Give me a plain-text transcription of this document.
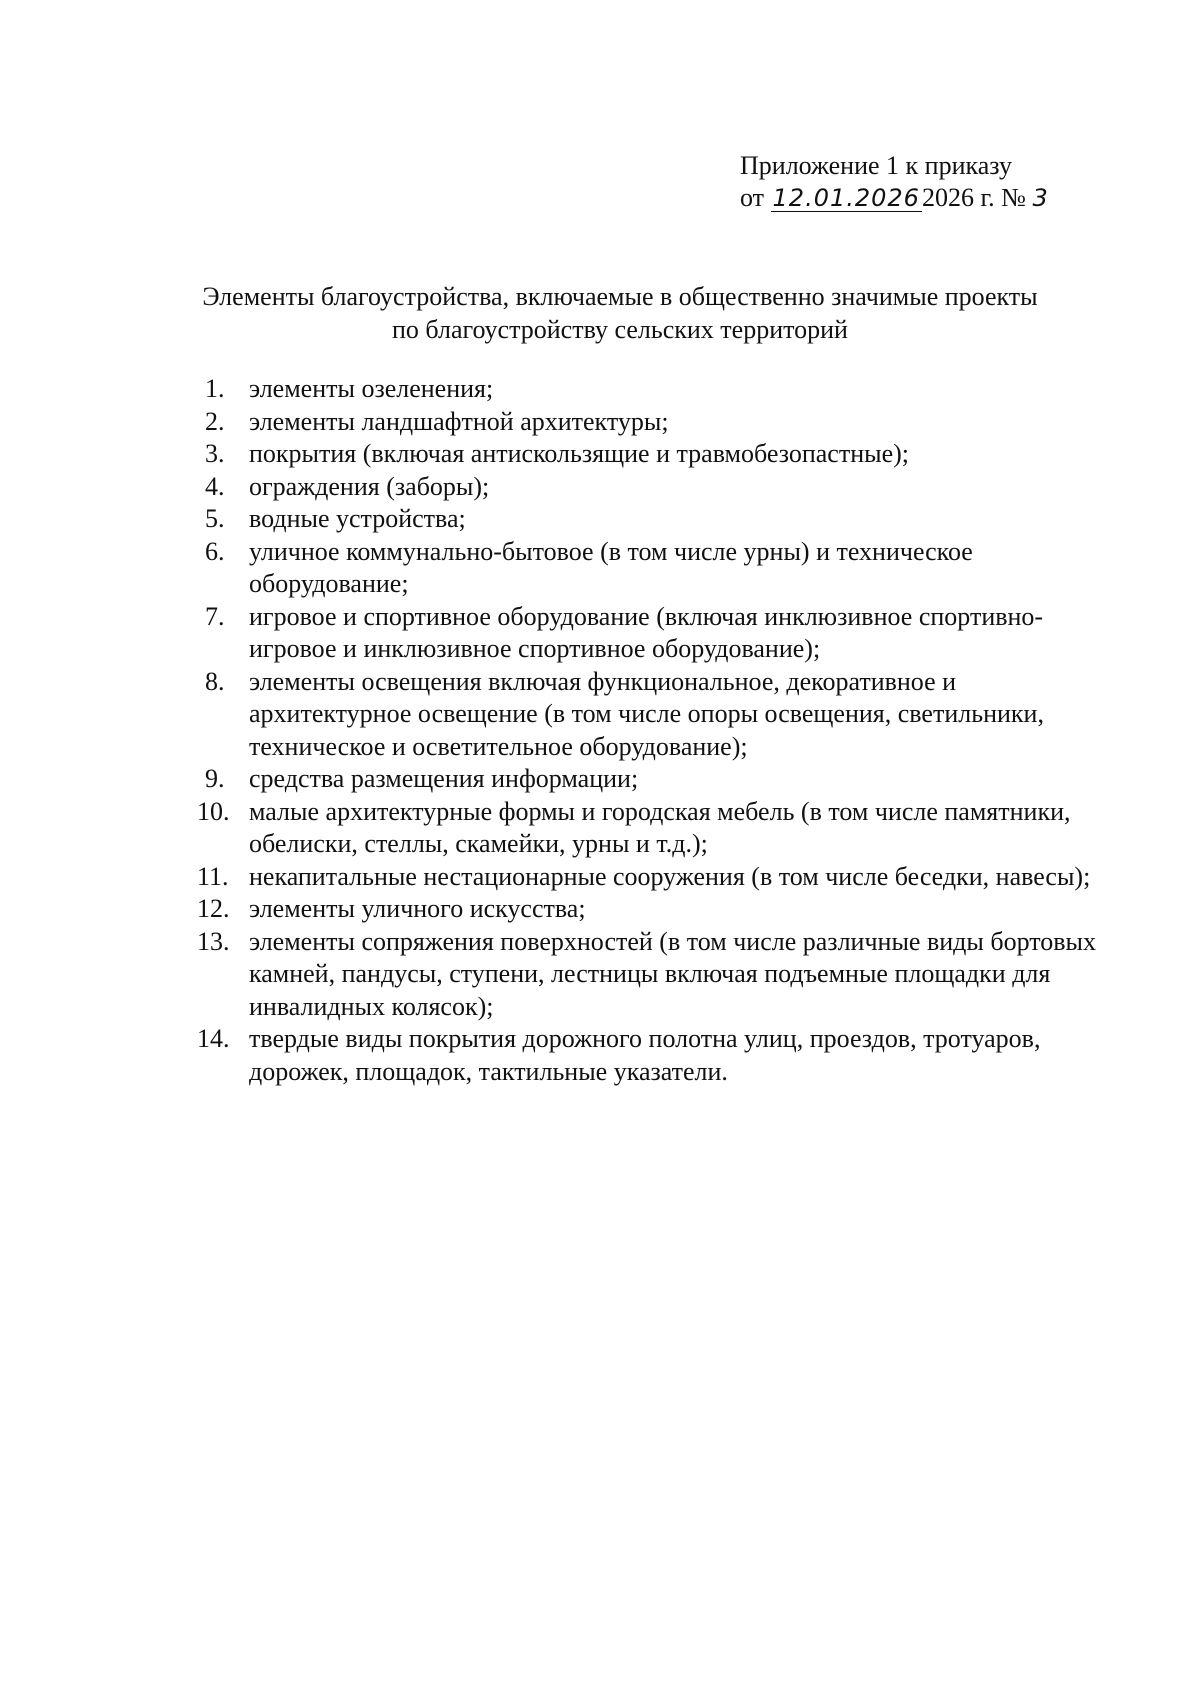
Приложение 1 к приказу
от 12.01.20262026 г. № 3
Элементы благоустройства, включаемые в общественно значимые проекты
по благоустройству сельских территорий
1. элементы озеленения;
2. элементы ландшафтной архитектуры;
3. покрытия (включая антискользящие и травмобезопастные);
4. ограждения (заборы);
5. водные устройства;
6. уличное коммунально-бытовое (в том числе урны) и техническое оборудование;
7. игровое и спортивное оборудование (включая инклюзивное спортивно-игровое и инклюзивное спортивное оборудование);
8. элементы освещения включая функциональное, декоративное и архитектурное освещение (в том числе опоры освещения, светильники, техническое и осветительное оборудование);
9. средства размещения информации;
10. малые архитектурные формы и городская мебель (в том числе памятники, обелиски, стеллы, скамейки, урны и т.д.);
11. некапитальные нестационарные сооружения (в том числе беседки, навесы);
12. элементы уличного искусства;
13. элементы сопряжения поверхностей (в том числе различные виды бортовых камней, пандусы, ступени, лестницы включая подъемные площадки для инвалидных колясок);
14. твердые виды покрытия дорожного полотна улиц, проездов, тротуаров, дорожек, площадок, тактильные указатели.
